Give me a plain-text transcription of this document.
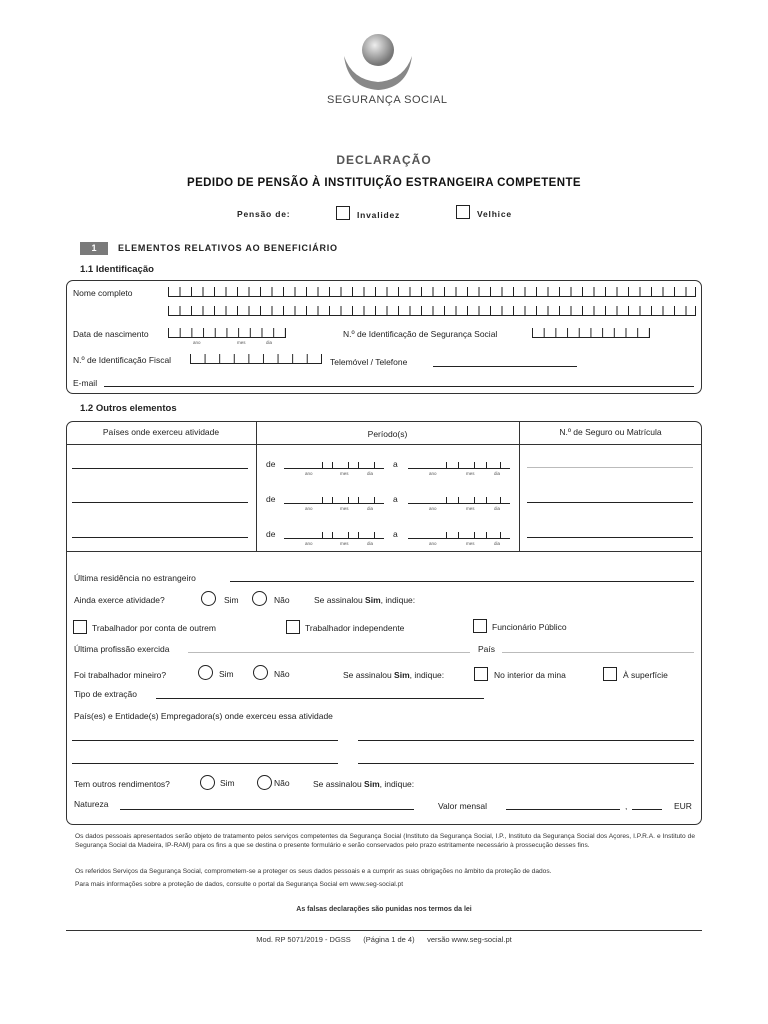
SEGURANÇA SOCIAL
DECLARAÇÃO
PEDIDO DE PENSÃO À INSTITUIÇÃO ESTRANGEIRA COMPETENTE
Pensão de:	Invalidez	Velhice
1	ELEMENTOS RELATIVOS AO BENEFICIÁRIO
1.1 Identificação
Nome completo
Data de nascimento
ano	mes	dia
N.º de Identificação de Segurança Social
N.º de Identificação Fiscal	Telemóvel / Telefone
E-mail
1.2 Outros elementos
Países onde exerceu atividade	Período(s)	N.º de Seguro ou Matrícula
de
ano	mes	dia
a
ano	mes	dia
de
ano	mes	dia
a
ano	mes	dia
de
ano	mes	dia
a
ano	mes	dia
Última residência no estrangeiro
Ainda exerce atividade?	Sim	Não	Se assinalou Sim, indique:
Trabalhador por conta de outrem	Trabalhador independente	Funcionário Público
Última profissão exercida	País
Foi trabalhador mineiro?	Sim	Não	Se assinalou Sim, indique:	No interior da mina	À superfície
Tipo de extração
País(es) e Entidade(s) Empregadora(s) onde exerceu essa atividade
Tem outros rendimentos?	Sim	Não	Se assinalou Sim, indique:
Natureza	Valor mensal	,	EUR
Os dados pessoais apresentados serão objeto de tratamento pelos serviços competentes da Segurança Social (Instituto da Segurança Social, I.P., Instituto da Segurança Social dos Açores, I.P.R.A. e Instituto de Segurança Social da Madeira, IP-RAM) para os fins a que se destina o presente formulário e serão conservados pelo prazo estritamente necessário à prossecução desses fins.
Os referidos Serviços da Segurança Social, comprometem-se a proteger os seus dados pessoais e a cumprir as suas obrigações no âmbito da proteção de dados.
Para mais informações sobre a proteção de dados, consulte o portal da Segurança Social em www.seg-social.pt
As falsas declarações são punidas nos termos da lei
Mod. RP 5071/2019 - DGSS      (Página 1 de 4)      versão www.seg-social.pt
